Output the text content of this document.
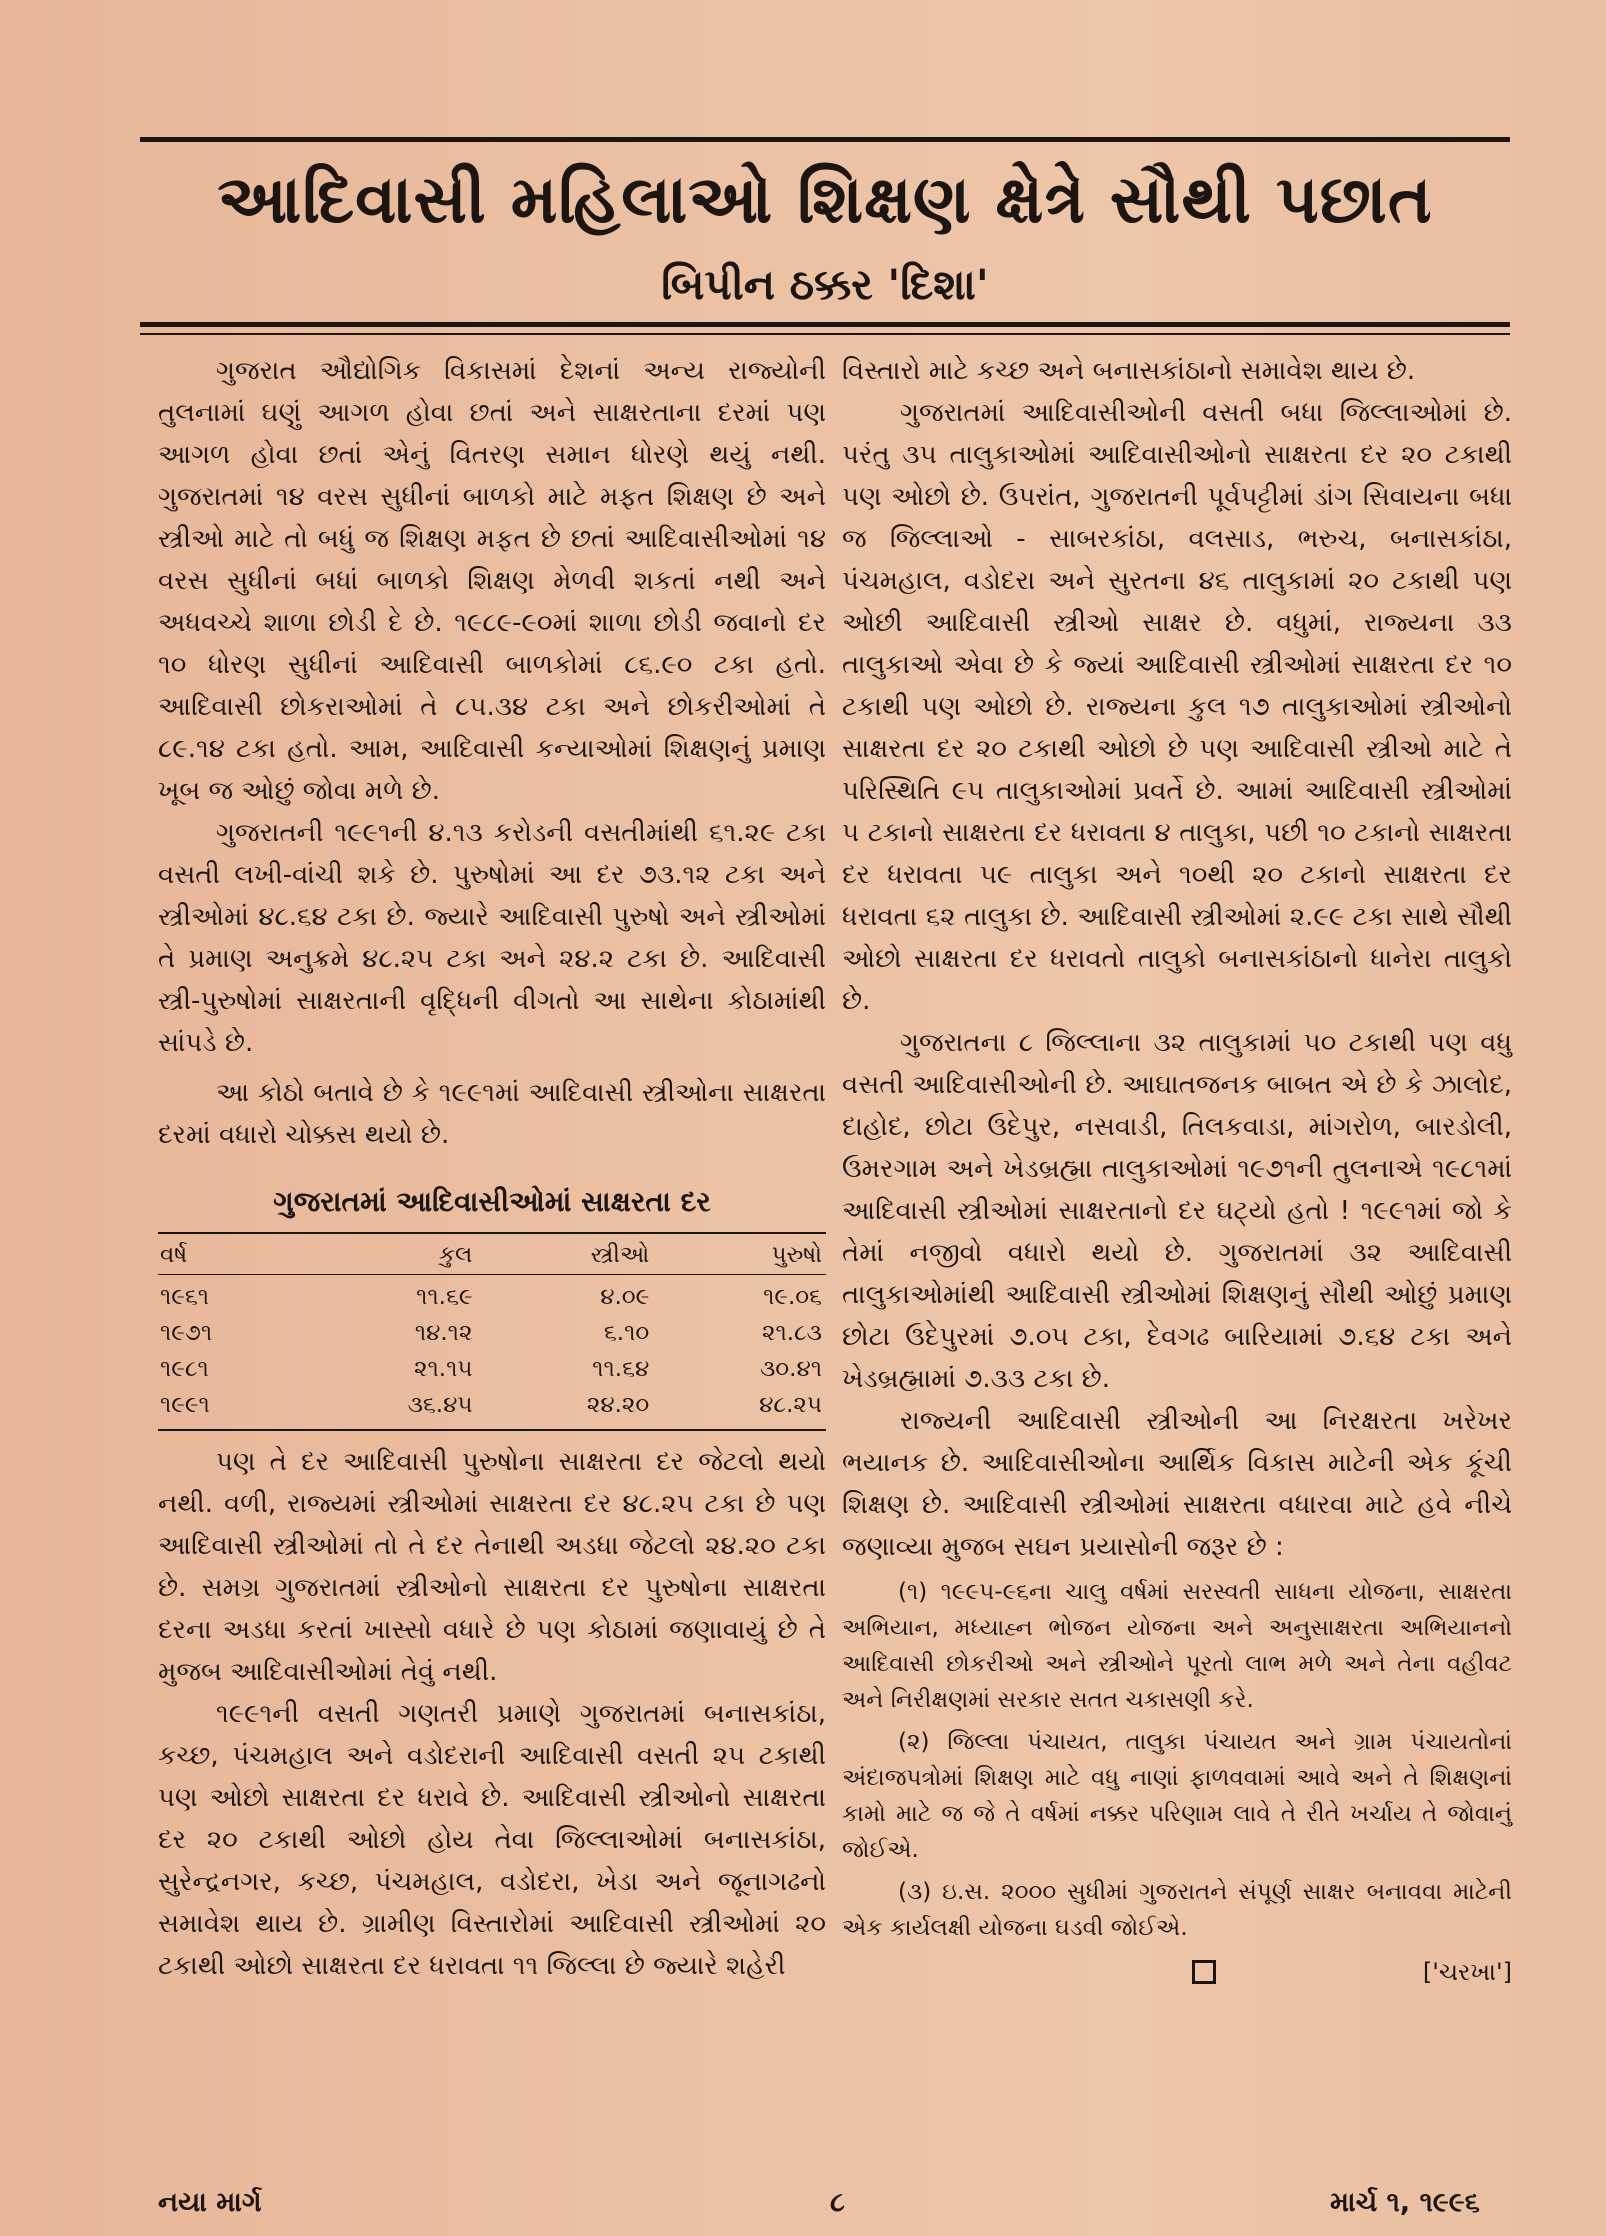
આદિવાસી મહિલાઓ શિક્ષણ ક્ષેત્રે સૌથી પછાત
બિપીન ઠક્કર 'દિશા'

ગુજરાત ઔદ્યોગિક વિકાસમાં દેશનાં અન્ય રાજ્યોની તુલનામાં ઘણું આગળ હોવા છતાં અને સાક્ષરતાના દરમાં પણ આગળ હોવા છતાં એનું વિતરણ સમાન ધોરણે થયું નથી. ગુજરાતમાં ૧૪ વરસ સુધીનાં બાળકો માટે મફત શિક્ષણ છે અને સ્ત્રીઓ માટે તો બધું જ શિક્ષણ મફત છે છતાં આદિવાસીઓમાં ૧૪ વરસ સુધીનાં બધાં બાળકો શિક્ષણ મેળવી શકતાં નથી અને અધવચ્ચે શાળા છોડી દે છે. ૧૯૮૯-૯૦માં શાળા છોડી જવાનો દર ૧૦ ધોરણ સુધીનાં આદિવાસી બાળકોમાં ૮૬.૯૦ ટકા હતો. આદિવાસી છોકરાઓમાં તે ૮૫.૩૪ ટકા અને છોકરીઓમાં તે ૮૯.૧૪ ટકા હતો. આમ, આદિવાસી કન્યાઓમાં શિક્ષણનું પ્રમાણ ખૂબ જ ઓછું જોવા મળે છે.

ગુજરાતની ૧૯૯૧ની ૪.૧૩ કરોડની વસતીમાંથી ૬૧.૨૯ ટકા વસતી લખી-વાંચી શકે છે. પુરુષોમાં આ દર ૭૩.૧૨ ટકા અને સ્ત્રીઓમાં ૪૮.૬૪ ટકા છે. જ્યારે આદિવાસી પુરુષો અને સ્ત્રીઓમાં તે પ્રમાણ અનુક્રમે ૪૮.૨૫ ટકા અને ૨૪.૨ ટકા છે. આદિવાસી સ્ત્રી-પુરુષોમાં સાક્ષરતાની વૃદ્ધિની વીગતો આ સાથેના કોઠામાંથી સાંપડે છે.

આ કોઠો બતાવે છે કે ૧૯૯૧માં આદિવાસી સ્ત્રીઓના સાક્ષરતા દરમાં વધારો ચોક્કસ થયો છે.

ગુજરાતમાં આદિવાસીઓમાં સાક્ષરતા દર
વર્ષ	કુલ	સ્ત્રીઓ	પુરુષો

૧૯૬૧	૧૧.૬૯	૪.૦૯	૧૯.૦૬
૧૯૭૧	૧૪.૧૨	૬.૧૦	૨૧.૮૩
૧૯૮૧	૨૧.૧૫	૧૧.૬૪	૩૦.૪૧
૧૯૯૧	૩૬.૪૫	૨૪.૨૦	૪૮.૨૫

પણ તે દર આદિવાસી પુરુષોના સાક્ષરતા દર જેટલો થયો નથી. વળી, રાજ્યમાં સ્ત્રીઓમાં સાક્ષરતા દર ૪૮.૨૫ ટકા છે પણ આદિવાસી સ્ત્રીઓમાં તો તે દર તેનાથી અડધા જેટલો ૨૪.૨૦ ટકા છે. સમગ્ર ગુજરાતમાં સ્ત્રીઓનો સાક્ષરતા દર પુરુષોના સાક્ષરતા દરના અડધા કરતાં ખાસ્સો વધારે છે પણ કોઠામાં જણાવાયું છે તે મુજબ આદિવાસીઓમાં તેવું નથી.

૧૯૯૧ની વસતી ગણતરી પ્રમાણે ગુજરાતમાં બનાસકાંઠા, કચ્છ, પંચમહાલ અને વડોદરાની આદિવાસી વસતી ૨૫ ટકાથી પણ ઓછો સાક્ષરતા દર ધરાવે છે. આદિવાસી સ્ત્રીઓનો સાક્ષરતા દર ૨૦ ટકાથી ઓછો હોય તેવા જિલ્લાઓમાં બનાસકાંઠા, સુરેન્દ્રનગર, કચ્છ, પંચમહાલ, વડોદરા, ખેડા અને જૂનાગઢનો સમાવેશ થાય છે. ગ્રામીણ વિસ્તારોમાં આદિવાસી સ્ત્રીઓમાં ૨૦ ટકાથી ઓછો સાક્ષરતા દર ધરાવતા ૧૧ જિલ્લા છે જ્યારે શહેરી

વિસ્તારો માટે કચ્છ અને બનાસકાંઠાનો સમાવેશ થાય છે.

ગુજરાતમાં આદિવાસીઓની વસતી બધા જિલ્લાઓમાં છે. પરંતુ ૩૫ તાલુકાઓમાં આદિવાસીઓનો સાક્ષરતા દર ૨૦ ટકાથી પણ ઓછો છે. ઉપરાંત, ગુજરાતની પૂર્વપટ્ટીમાં ડાંગ સિવાયના બધા જ જિલ્લાઓ - સાબરકાંઠા, વલસાડ, ભરુચ, બનાસકાંઠા, પંચમહાલ, વડોદરા અને સુરતના ૪૬ તાલુકામાં ૨૦ ટકાથી પણ ઓછી આદિવાસી સ્ત્રીઓ સાક્ષર છે. વધુમાં, રાજ્યના ૩૩ તાલુકાઓ એવા છે કે જ્યાં આદિવાસી સ્ત્રીઓમાં સાક્ષરતા દર ૧૦ ટકાથી પણ ઓછો છે. રાજ્યના કુલ ૧૭ તાલુકાઓમાં સ્ત્રીઓનો સાક્ષરતા દર ૨૦ ટકાથી ઓછો છે પણ આદિવાસી સ્ત્રીઓ માટે તે પરિસ્થિતિ ૯૫ તાલુકાઓમાં પ્રવર્તે છે. આમાં આદિવાસી સ્ત્રીઓમાં ૫ ટકાનો સાક્ષરતા દર ધરાવતા ૪ તાલુકા, પછી ૧૦ ટકાનો સાક્ષરતા દર ધરાવતા ૫૯ તાલુકા અને ૧૦થી ૨૦ ટકાનો સાક્ષરતા દર ધરાવતા ૬૨ તાલુકા છે. આદિવાસી સ્ત્રીઓમાં ૨.૯૯ ટકા સાથે સૌથી ઓછો સાક્ષરતા દર ધરાવતો તાલુકો બનાસકાંઠાનો ધાનેરા તાલુકો છે.

ગુજરાતના ૮ જિલ્લાના ૩૨ તાલુકામાં ૫૦ ટકાથી પણ વધુ વસતી આદિવાસીઓની છે. આઘાતજનક બાબત એ છે કે ઝાલોદ, દાહોદ, છોટા ઉદેપુર, નસવાડી, તિલકવાડા, માંગરોળ, બારડોલી, ઉમરગામ અને ખેડબ્રહ્મા તાલુકાઓમાં ૧૯૭૧ની તુલનાએ ૧૯૮૧માં આદિવાસી સ્ત્રીઓમાં સાક્ષરતાનો દર ઘટ્યો હતો ! ૧૯૯૧માં જો કે તેમાં નજીવો વધારો થયો છે. ગુજરાતમાં ૩૨ આદિવાસી તાલુકાઓમાંથી આદિવાસી સ્ત્રીઓમાં શિક્ષણનું સૌથી ઓછું પ્રમાણ છોટા ઉદેપુરમાં ૭.૦૫ ટકા, દેવગઢ બારિયામાં ૭.૬૪ ટકા અને ખેડબ્રહ્મામાં ૭.૩૩ ટકા છે.

રાજ્યની આદિવાસી સ્ત્રીઓની આ નિરક્ષરતા ખરેખર ભયાનક છે. આદિવાસીઓના આર્થિક વિકાસ માટેની એક કૂંચી શિક્ષણ છે. આદિવાસી સ્ત્રીઓમાં સાક્ષરતા વધારવા માટે હવે નીચે જણાવ્યા મુજબ સઘન પ્રયાસોની જરૂર છે :

(૧) ૧૯૯૫-૯૬ના ચાલુ વર્ષમાં સરસ્વતી સાધના યોજના, સાક્ષરતા અભિયાન, મધ્યાહ્ન ભોજન યોજના અને અનુસાક્ષરતા અભિયાનનો આદિવાસી છોકરીઓ અને સ્ત્રીઓને પૂરતો લાભ મળે અને તેના વહીવટ અને નિરીક્ષણમાં સરકાર સતત ચકાસણી કરે.

(૨) જિલ્લા પંચાયત, તાલુકા પંચાયત અને ગ્રામ પંચાયતોનાં અંદાજપત્રોમાં શિક્ષણ માટે વધુ નાણાં ફાળવવામાં આવે અને તે શિક્ષણનાં કામો માટે જ જે તે વર્ષમાં નક્કર પરિણામ લાવે તે રીતે ખર્ચાય તે જોવાનું જોઈએ.

(૩) ઇ.સ. ૨૦૦૦ સુધીમાં ગુજરાતને સંપૂર્ણ સાક્ષર બનાવવા માટેની એક કાર્યલક્ષી યોજના ઘડવી જોઈએ.

['ચરખા']
નયા માર્ગ	૮	માર્ચ ૧, ૧૯૯૬
